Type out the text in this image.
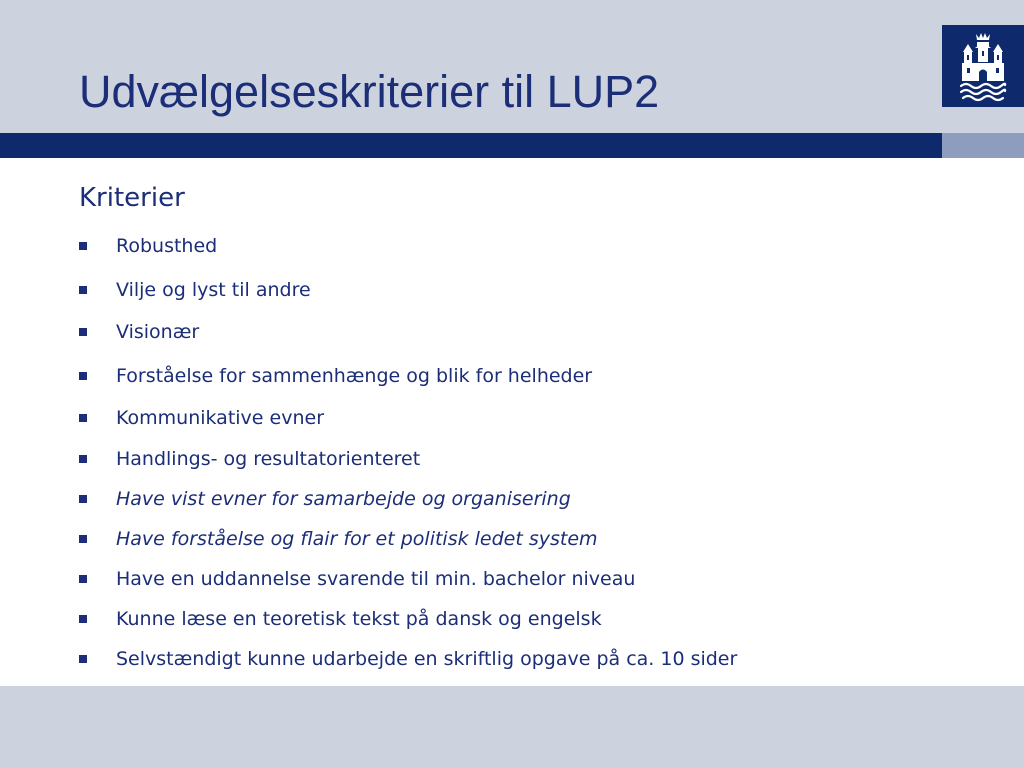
Udvælgelseskriterier til LUP2
Kriterier
Robusthed
Vilje og lyst til andre
Visionær
Forståelse for sammenhænge og blik for helheder
Kommunikative evner
Handlings- og resultatorienteret
Have vist evner for samarbejde og organisering
Have forståelse og flair for et politisk ledet system
Have en uddannelse svarende til min. bachelor niveau
Kunne læse en teoretisk tekst på dansk og engelsk
Selvstændigt kunne udarbejde en skriftlig opgave på ca. 10 sider
